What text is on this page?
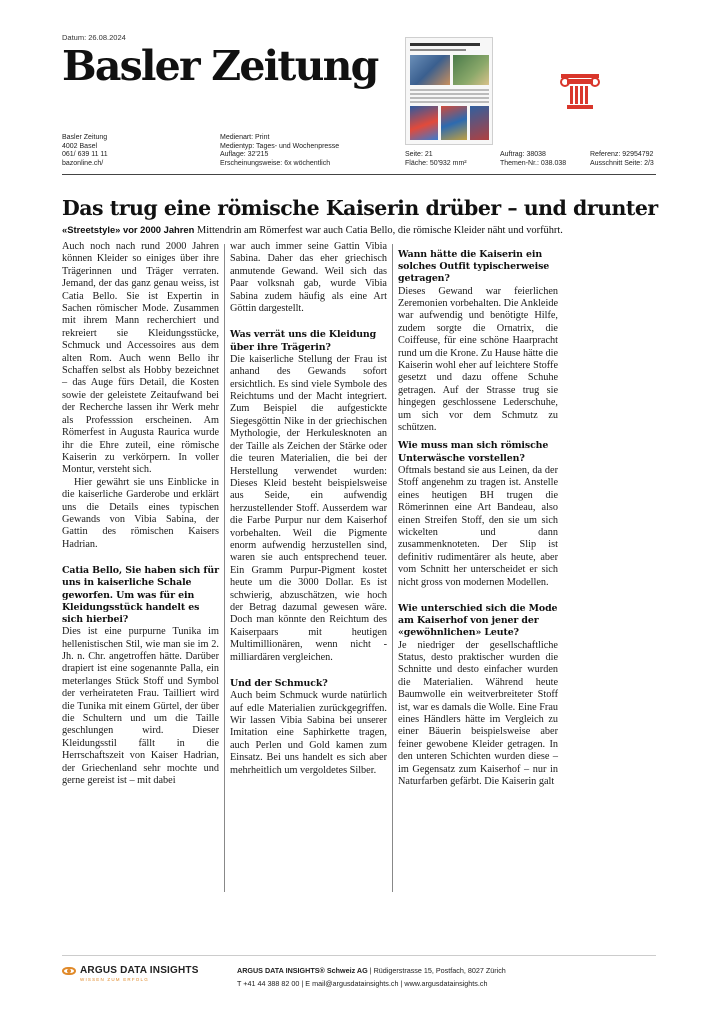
Datum: 26.08.2024
Basler Zeitung
Basler Zeitung
4002 Basel
061/ 639 11 11
bazonline.ch/
Medienart: Print
Medientyp: Tages- und Wochenpresse
Auflage: 32'215
Erscheinungsweise: 6x wöchentlich
Seite: 21
Fläche: 50'932 mm²
Auftrag: 38038
Themen-Nr.: 038.038
Referenz: 92954792
Ausschnitt Seite: 2/3
Das trug eine römische Kaiserin drüber – und drunter
«Streetstyle» vor 2000 Jahren Mittendrin am Römerfest war auch Catia Bello, die römische Kleider näht und vorführt.

Auch noch nach rund 2000 Jahren können Kleider so einiges über ihre Trägerinnen und Träger verraten. Jemand, der das ganz genau weiss, ist Catia Bello. Sie ist Expertin in Sachen römischer Mode. Zusammen mit ihrem Mann recherchiert und rekreiert sie Kleidungsstücke, Schmuck und Accessoires aus dem alten Rom. Auch wenn Bello ihr Schaffen selbst als Hobby bezeichnet – das Auge fürs Detail, die Kosten sowie der geleistete Zeitaufwand bei der Recherche lassen ihr Werk mehr als Professsion erscheinen. Am Römerfest in Augusta Raurica wurde ihr die Ehre zuteil, eine römische Kaiserin zu verkörpern. In voller Montur, versteht sich.

Hier gewährt sie uns Einblicke in die kaiserliche Garderobe und erklärt uns die Details eines typischen Gewands von Vibia Sabina, der Gattin des römischen Kaisers Hadrian.

Catia Bello, Sie haben sich für uns in kaiserliche Schale geworfen. Um was für ein Kleidungsstück handelt es sich hierbei?

Dies ist eine purpurne Tunika im hellenistischen Stil, wie man sie im 2. Jh. n. Chr. angetroffen hätte. Darüber drapiert ist eine sogenannte Palla, ein meterlanges Stück Stoff und Symbol der verheirateten Frau. Tailliert wird die Tunika mit einem Gürtel, der über die Schultern und um die Taille geschlungen wird. Dieser Kleidungsstil fällt in die Herrschaftszeit von Kaiser Hadrian, der Griechenland sehr mochte und gerne gereist ist – mit dabei

war auch immer seine Gattin Vibia Sabina. Daher das eher griechisch anmutende Gewand. Weil sich das Paar volksnah gab, wurde Vibia Sabina zudem häufig als eine Art Göttin dargestellt.

Was verrät uns die Kleidung über ihre Trägerin?

Die kaiserliche Stellung der Frau ist anhand des Gewands sofort ersichtlich. Es sind viele Symbole des Reichtums und der Macht integriert. Zum Beispiel die aufgestickte Siegesgöttin Nike in der griechischen Mythologie, der Herkulesknoten an der Taille als Zeichen der Stärke oder die teuren Materialien, die bei der Herstellung verwendet wurden: Dieses Kleid besteht beispielsweise aus Seide, ein aufwendig herzustellender Stoff. Ausserdem war die Farbe Purpur nur dem Kaiserhof vorbehalten. Weil die Pigmente enorm aufwendig herzustellen sind, waren sie auch entsprechend teuer. Ein Gramm Purpur-Pigment kostet heute um die 3000 Dollar. Es ist schwierig, abzuschätzen, wie hoch der Betrag dazumal gewesen wäre. Doch man könnte den Reichtum des Kaiserpaars mit heutigen Multimillionären, wenn nicht -milliardären vergleichen.

Und der Schmuck?

Auch beim Schmuck wurde natürlich auf edle Materialien zurückgegriffen. Wir lassen Vibia Sabina bei unserer Imitation eine Saphirkette tragen, auch Perlen und Gold kamen zum Einsatz. Bei uns handelt es sich aber mehrheitlich um vergoldetes Silber.

Wann hätte die Kaiserin ein solches Outfit typischerweise getragen?

Dieses Gewand war feierlichen Zeremonien vorbehalten. Die Ankleide war aufwendig und benötigte Hilfe, zudem sorgte die Ornatrix, die Coiffeuse, für eine schöne Haarpracht rund um die Krone. Zu Hause hätte die Kaiserin wohl eher auf leichtere Stoffe gesetzt und dazu offene Schuhe getragen. Auf der Strasse trug sie hingegen geschlossene Lederschuhe, um sich vor dem Schmutz zu schützen.

Wie muss man sich römische Unterwäsche vorstellen?

Oftmals bestand sie aus Leinen, da der Stoff angenehm zu tragen ist. Anstelle eines heutigen BH trugen die Römerinnen eine Art Bandeau, also einen Streifen Stoff, den sie um sich wickelten und dann zusammenknoteten. Der Slip ist definitiv rudimentärer als heute, aber vom Schnitt her unterscheidet er sich nicht gross von modernen Modellen.

Wie unterschied sich die Mode am Kaiserhof von jener der «gewöhnlichen» Leute?

Je niedriger der gesellschaftliche Status, desto praktischer wurden die Schnitte und desto einfacher wurden die Materialien. Während heute Baumwolle ein weitverbreiteter Stoff ist, war es damals die Wolle. Eine Frau eines Händlers hätte im Vergleich zu einer Bäuerin beispielsweise aber feiner gewobene Kleider getragen. In den unteren Schichten wurden diese – im Gegensatz zum Kaiserhof – nur in Naturfarben gefärbt. Die Kaiserin galt

ARGUS DATA INSIGHTS
WISSEN ZUM ERFOLG
ARGUS DATA INSIGHTS® Schweiz AG | Rüdigerstrasse 15, Postfach, 8027 Zürich
T +41 44 388 82 00 | E mail@argusdatainsights.ch | www.argusdatainsights.ch
